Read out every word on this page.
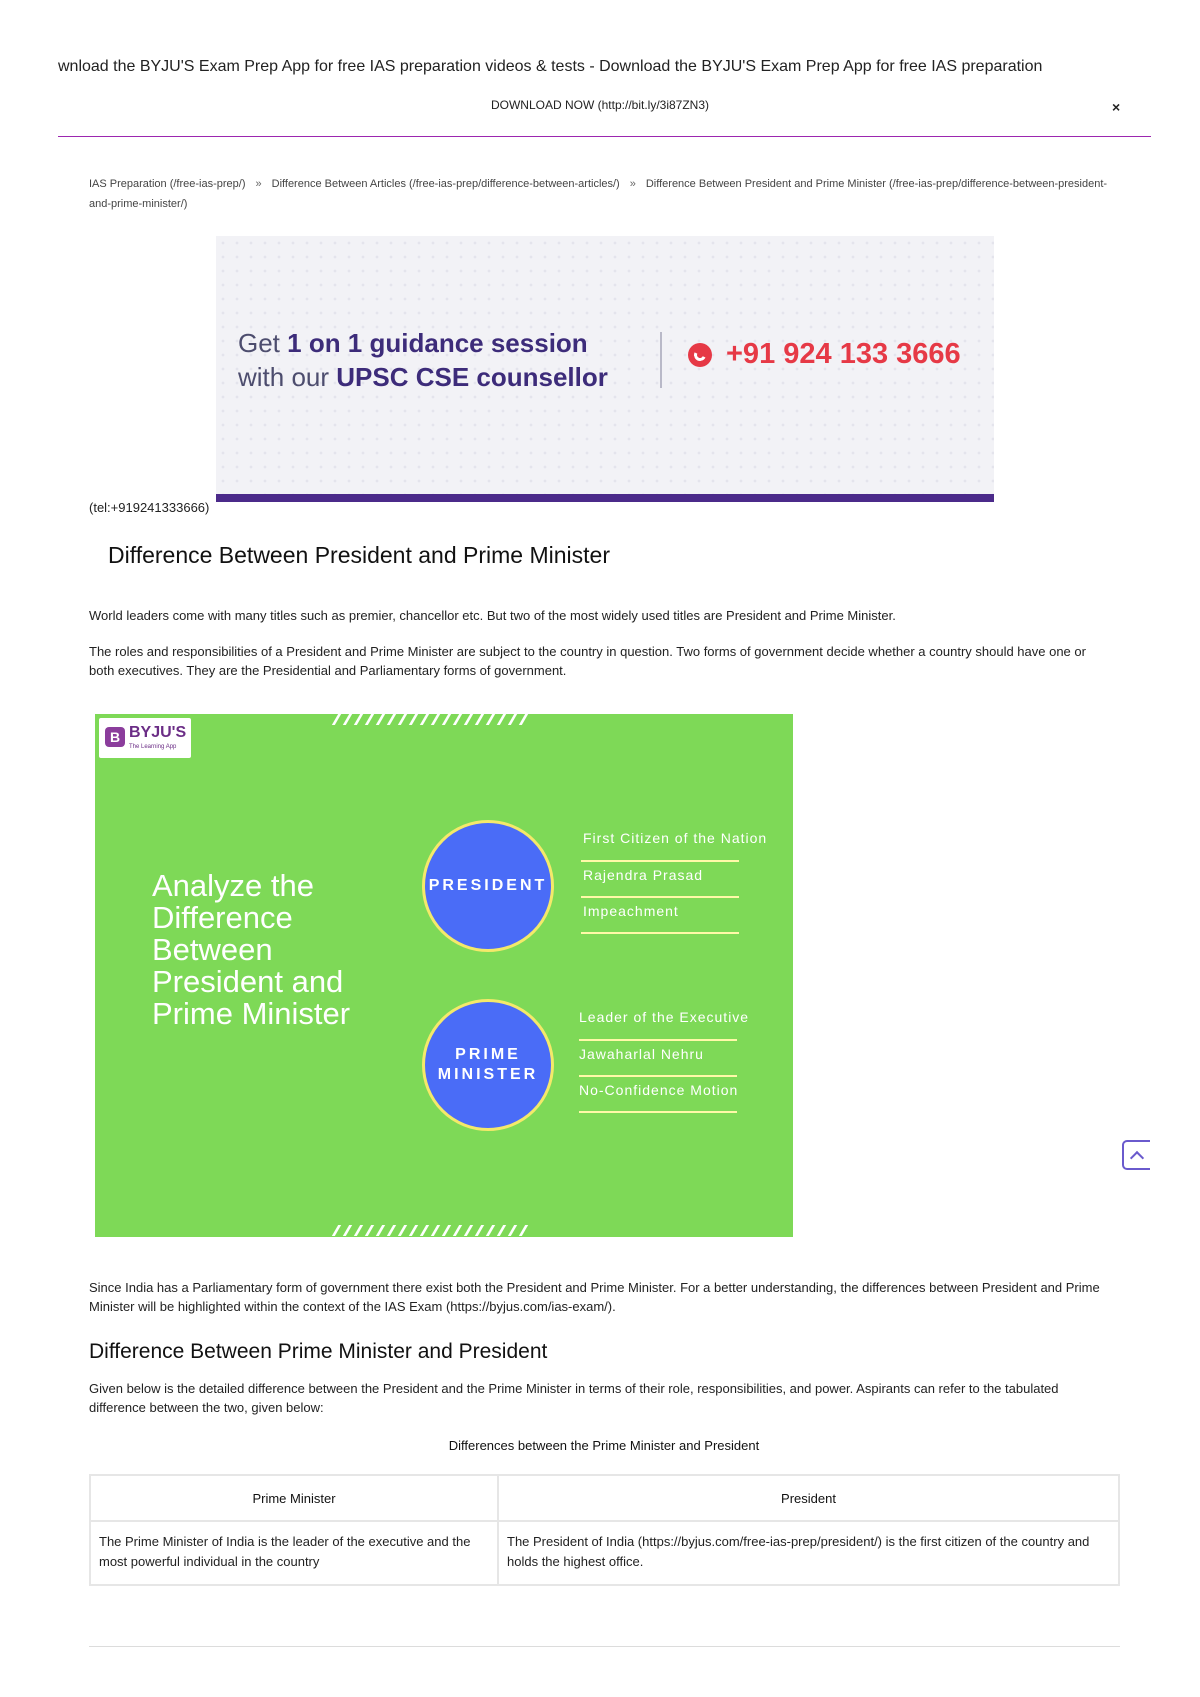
wnload the BYJU'S Exam Prep App for free IAS preparation videos & tests - Download the BYJU'S Exam Prep App for free IAS preparation
DOWNLOAD NOW (http://bit.ly/3i87ZN3)	×
IAS Preparation (/free-ias-prep/) » Difference Between Articles (/free-ias-prep/difference-between-articles/) » Difference Between President and Prime Minister (/free-ias-prep/difference-between-president-and-prime-minister/)
Get 1 on 1 guidance session
with our UPSC CSE counsellor
+91 924 133 3666
(tel:+919241333666)
Difference Between President and Prime Minister

World leaders come with many titles such as premier, chancellor etc. But two of the most widely used titles are President and Prime Minister.

The roles and responsibilities of a President and Prime Minister are subject to the country in question. Two forms of government decide whether a country should have one or both executives. They are the Presidential and Parliamentary forms of government.

B BYJU'S
The Learning App
Analyze the
Difference
Between
President and
Prime Minister
PRESIDENT
First Citizen of the Nation
Rajendra Prasad
Impeachment
PRIME
MINISTER
Leader of the Executive
Jawaharlal Nehru
No-Confidence Motion

Since India has a Parliamentary form of government there exist both the President and Prime Minister. For a better understanding, the differences between President and Prime Minister will be highlighted within the context of the IAS Exam (https://byjus.com/ias-exam/).

Difference Between Prime Minister and President

Given below is the detailed difference between the President and the Prime Minister in terms of their role, responsibilities, and power. Aspirants can refer to the tabulated difference between the two, given below:

Differences between the Prime Minister and President
Prime Minister	President
The Prime Minister of India is the leader of the executive and the most powerful individual in the country	The President of India (https://byjus.com/free-ias-prep/president/) is the first citizen of the country and holds the highest office.
